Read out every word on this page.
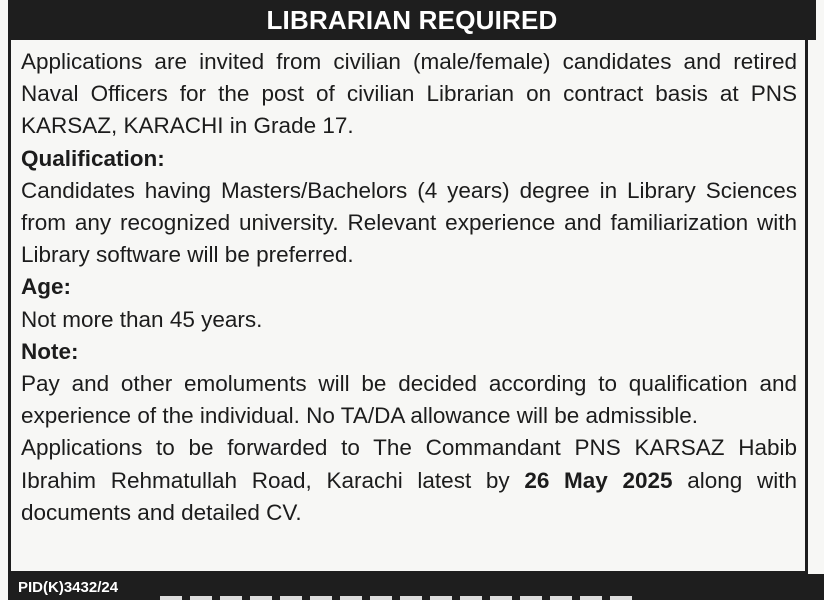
LIBRARIAN REQUIRED

Applications are invited from civilian (male/female) candidates and retired Naval Officers for the post of civilian Librarian on contract basis at PNS KARSAZ, KARACHI in Grade 17.

Qualification:

Candidates having Masters/Bachelors (4 years) degree in Library Sciences from any recognized university. Relevant experience and familiarization with Library software will be preferred.

Age:

Not more than 45 years.

Note:

Pay and other emoluments will be decided according to qualification and experience of the individual. No TA/DA allowance will be admissible.

Applications to be forwarded to The Commandant PNS KARSAZ Habib Ibrahim Rehmatullah Road, Karachi latest by 26 May 2025 along with documents and detailed CV.

PID(K)3432/24
